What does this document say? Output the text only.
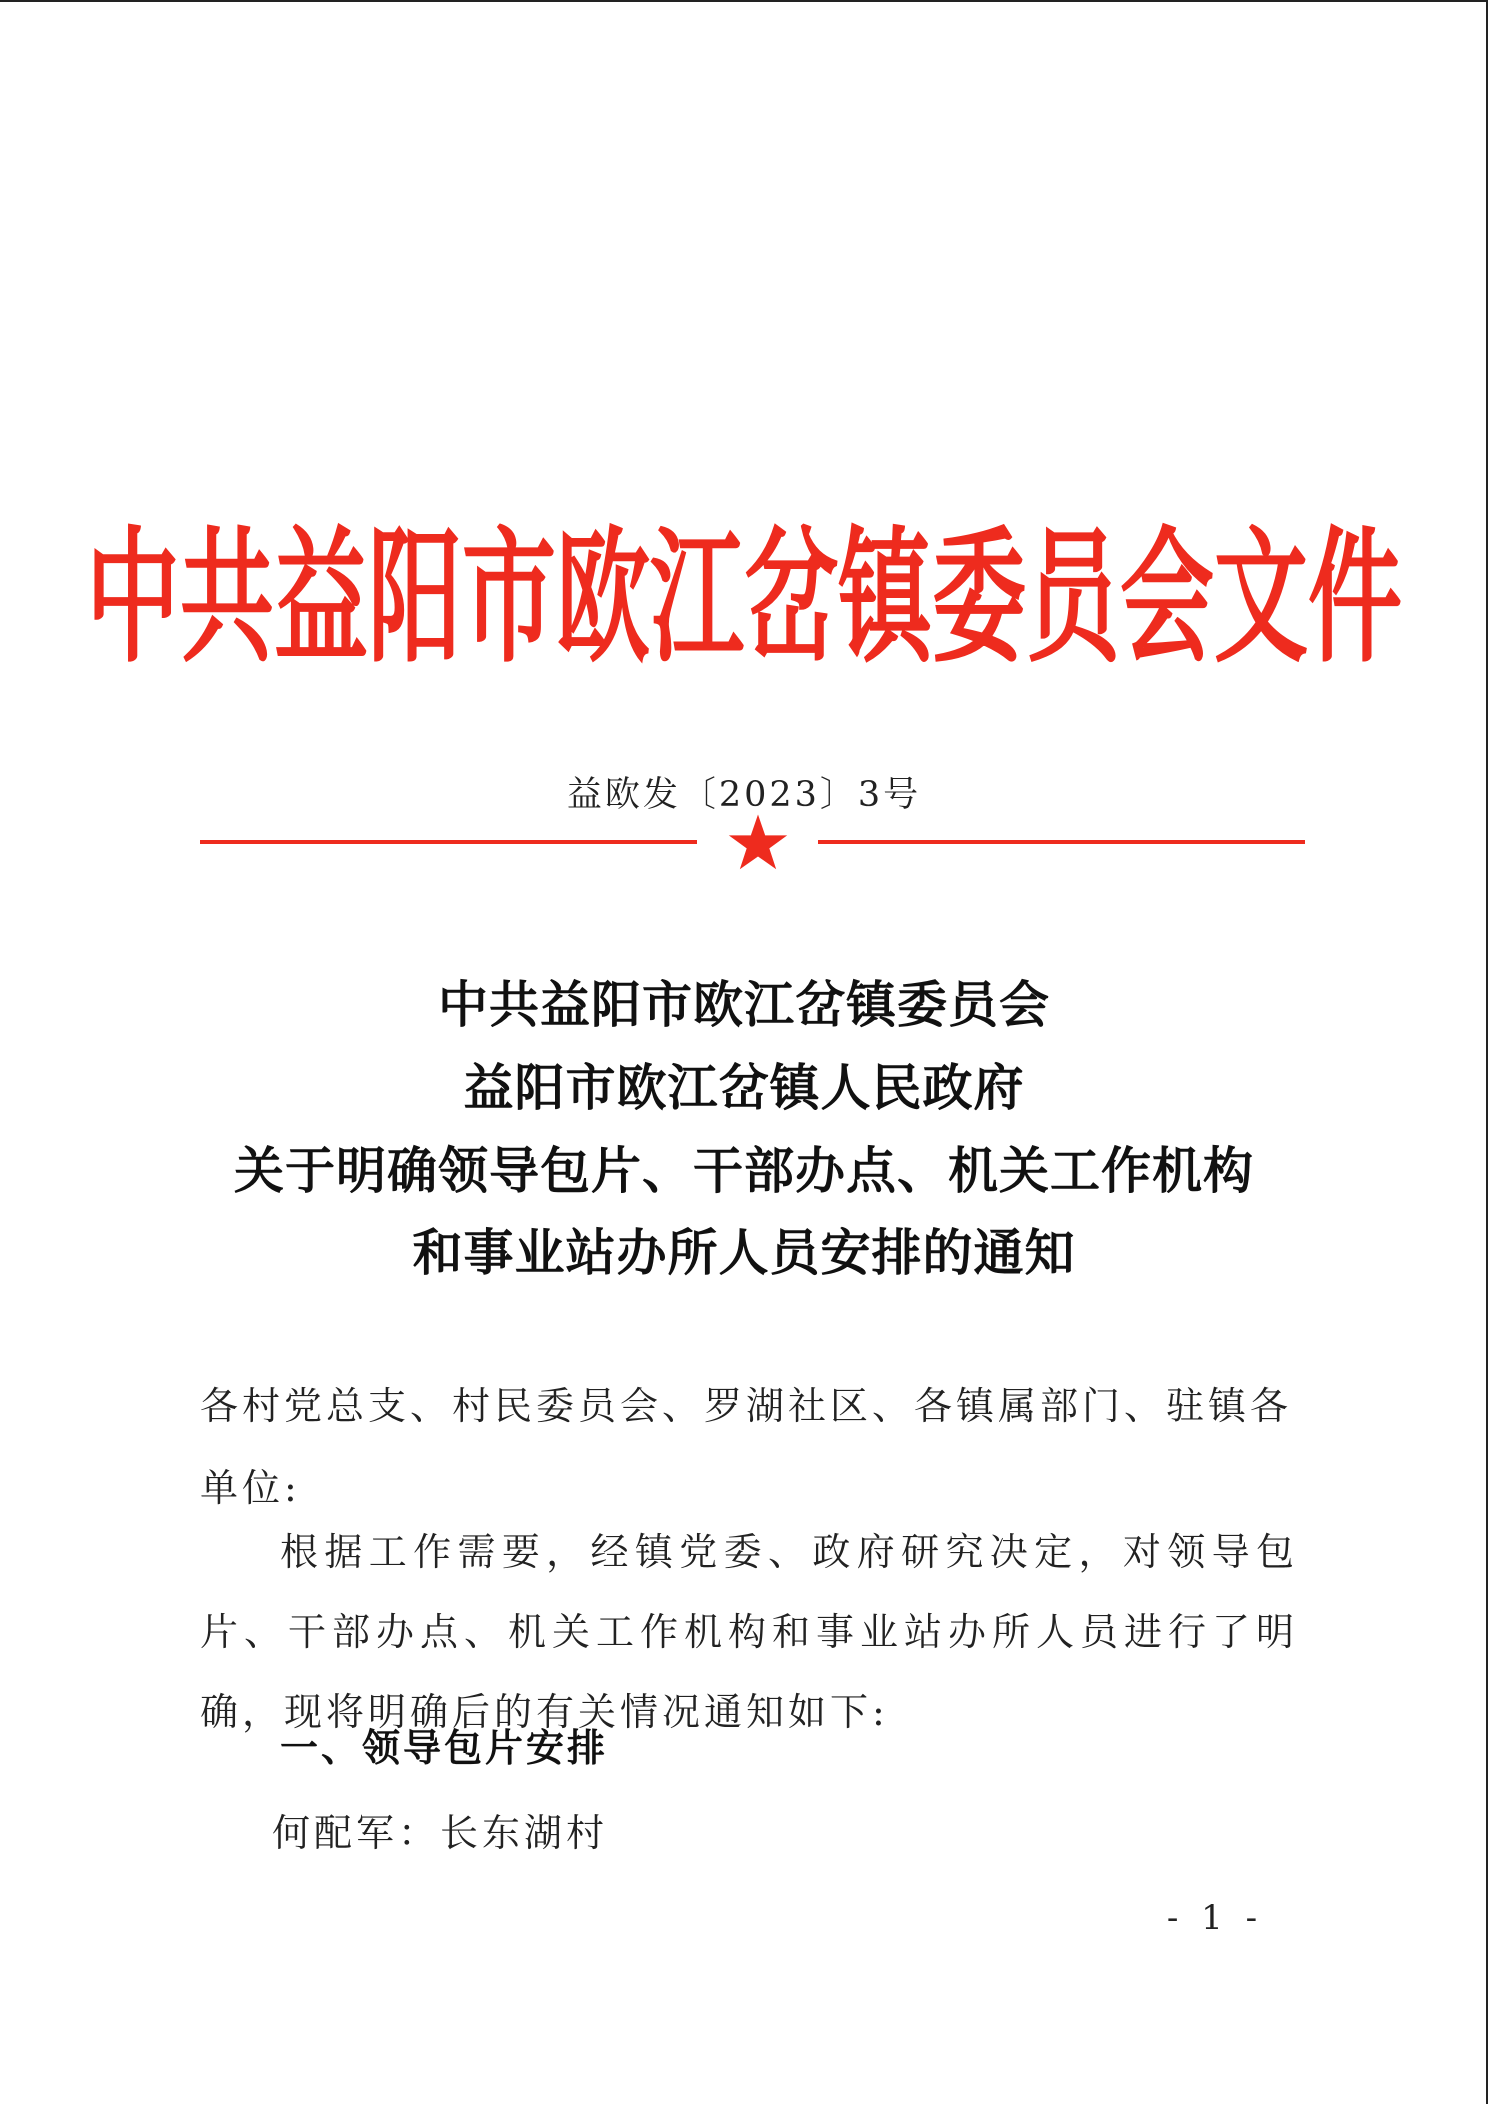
中共益阳市欧江岔镇委员会文件
益欧发〔2023〕3号
中共益阳市欧江岔镇委员会
益阳市欧江岔镇人民政府
关于明确领导包片、干部办点、机关工作机构
和事业站办所人员安排的通知
各村党总支、村民委员会、罗湖社区、各镇属部门、驻镇各单位:
根据工作需要，经镇党委、政府研究决定，对领导包片、干部办点、机关工作机构和事业站办所人员进行了明确，现将明确后的有关情况通知如下:
一、领导包片安排
何配军：长东湖村
- 1 -
